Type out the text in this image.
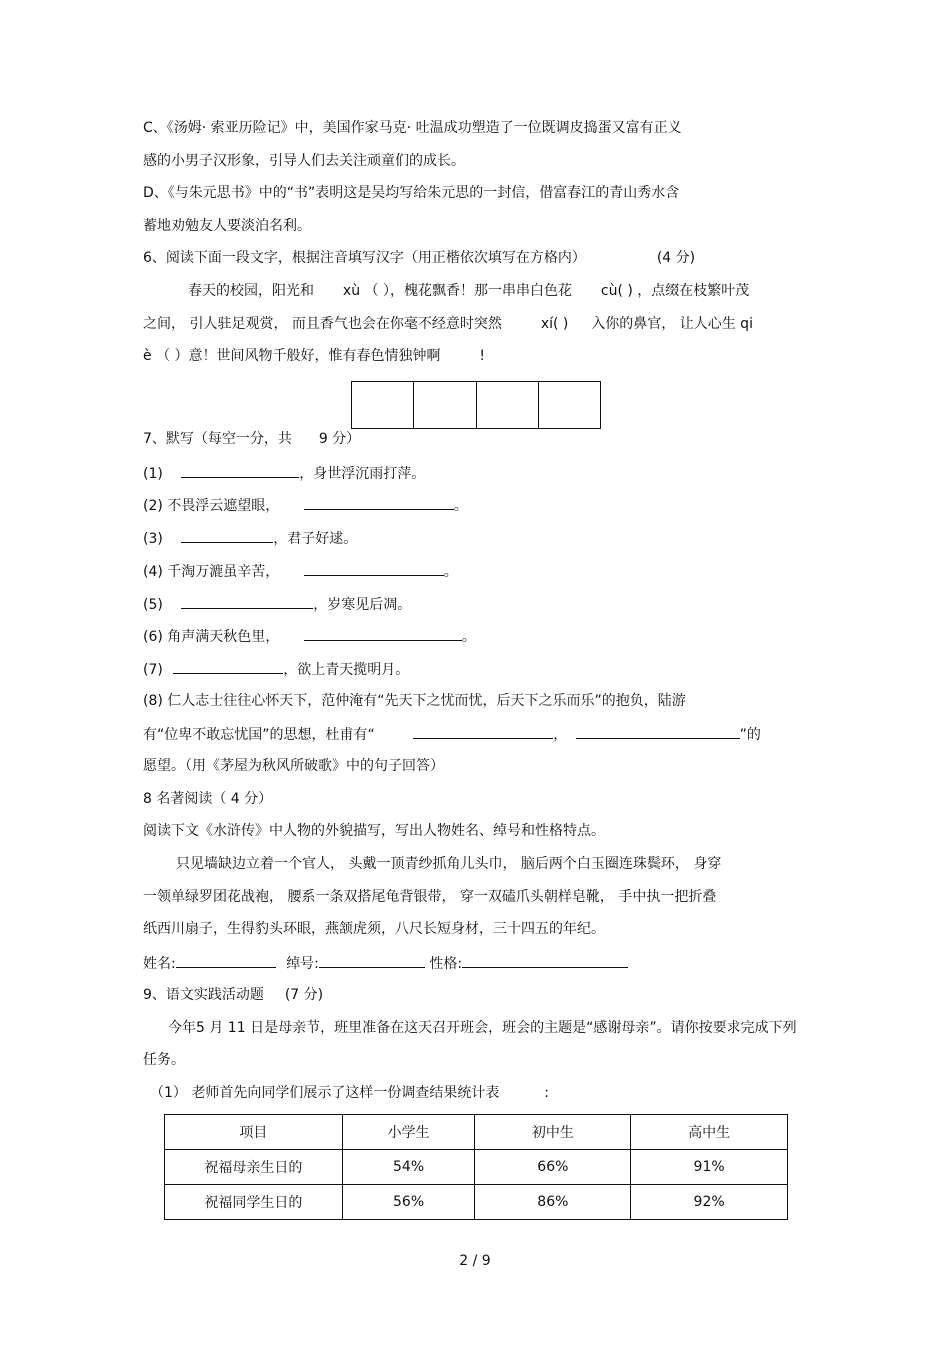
C、《汤姆· 索亚历险记》中，美国作家马克· 吐温成功塑造了一位既调皮捣蛋又富有正义
感的小男子汉形象，引导人们去关注顽童们的成长。
D、《与朱元思书》中的“书”表明这是吴均写给朱元思的一封信，借富春江的青山秀水含
蓄地劝勉友人要淡泊名利。
6、阅读下面一段文字，根据注音填写汉字（用正楷依次填写在方格内）	(4 分)
春天的校园，阳光和 xù （ ），槐花飘香！那一串串白色花 cù( ) ，点缀在枝繁叶茂
之间， 引人驻足观赏， 而且香气也会在你毫不经意时突然	xí( ) 入你的鼻官， 让人心生 qi
è （ ）意！世间风物千般好，惟有春色情独钟啊	!
7、默写（每空一分，共 9 分）
(1)	，身世浮沉雨打萍。
(2) 不畏浮云遮望眼，	。
(3)	，君子好逑。
(4) 千淘万漉虽辛苦，	。
(5)	，岁寒见后凋。
(6) 角声满天秋色里，	。
(7)	，欲上青天揽明月。
(8) 仁人志士往往心怀天下，范仲淹有“先天下之忧而忧，后天下之乐而乐”的抱负，陆游
有“位卑不敢忘忧国”的思想，杜甫有“	，	”的
愿望。（用《茅屋为秋风所破歌》中的句子回答）
8 名著阅读（ 4 分）
阅读下文《水浒传》中人物的外貌描写，写出人物姓名、绰号和性格特点。
只见墙缺边立着一个官人， 头戴一顶青纱抓角儿头巾， 脑后两个白玉圈连珠鬓环， 身穿
一领单绿罗团花战袍， 腰系一条双搭尾龟背银带， 穿一双磕爪头朝样皂靴， 手中执一把折叠
纸西川扇子，生得豹头环眼，燕颔虎须，八尺长短身材，三十四五的年纪。
姓名:	绰号:	性格:
9、语文实践活动题 (7 分)
今年5 月 11 日是母亲节，班里准备在这天召开班会，班会的主题是“感谢母亲”。请你按要求完成下列
任务。
（1） 老师首先向同学们展示了这样一份调查结果统计表	:
项目	小学生	初中生	高中生
祝福母亲生日的	54%	66%	91%
祝福同学生日的	56%	86%	92%
2 / 9
